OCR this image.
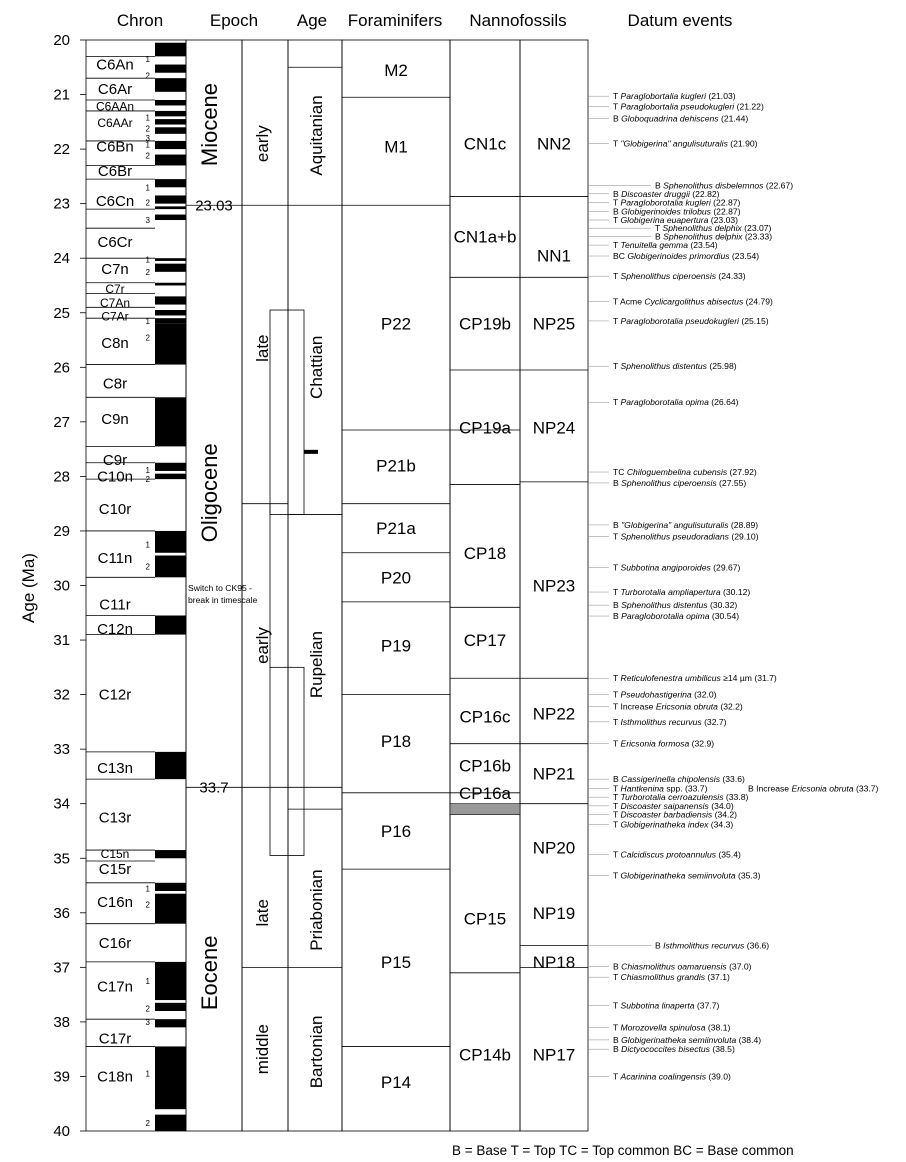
Chron	Epoch Age Foraminifers Nannofossils	Datum events
Age (Ma)
20
21
22
23
24
25
26
27
28
29
30
31
32
33
34
35
36
37
38
39
40
C6An
C6Ar
C6AAn
C6AAr
C6Bn
C6Br
C6Cn
C6Cr
C7n
C7r
C7An
C7Ar
C8n
C8r
C9n
C9r
C10n
C10r
C11n
C11r
C12n
C12r
C13n
C13r
C15n
C15r
C16n
C16r
C17n
C17r
C18n
1
2
1
2
3
1
2
1
2
3
1
2
1
2
1
2
1
2
1
2
1
2
3
1
2
23.03
33.7
Miocene
Oligocene
Eocene
early
late
early
late
middle
Aquitanian
Chattian
Rupelian
Priabonian
Bartonian
M2
M1
P22
P21b
P21a
P20
P19
P18
P16
P15
P14
CN1c
CN1a+b
CP19b
CP19a
CP18
CP17
CP16c
CP16b
CP16a
CP15
CP14b
NN2
NN1
NP25
NP24
NP23
NP22
NP21
NP20
NP19
NP18
NP17
T Paraglobortalia kugleri (21.03)
T Paraglobortalia pseudokugleri (21.22)
B Globoquadrina dehiscens (21.44)
T "Globigerina" angulisuturalis (21.90)
B Sphenolithus disbelemnos (22.67)
B Discoaster druggii (22.82)
T Paragloborotalia kugleri (22.87)
B Globigerinoides trilobus (22.87)
T Globigerina euapertura (23.03)
T Sphenolithus delphix (23.07)
B Sphenolithus delphix (23.33)
T Tenuitella gemma (23.54)
BC Globigerinoides primordius (23.54)
T Sphenolithus ciperoensis (24.33)
T Acme Cyclicargolithus abisectus (24.79)
T Paragloborotalia pseudokugleri (25.15)
T Sphenolithus distentus (25.98)
T Paragloborotalia opima (26.64)
TC Chiloguembelina cubensis (27.92)
B Sphenolithus ciperoensis (27.55)
B "Globigerina" angulisuturalis (28.89)
T Sphenolithus pseudoradians (29.10)
T Subbotina angiporoides (29.67)
T Turborotalia ampliapertura (30.12)
B Sphenolithus distentus (30.32)
B Paragloborotalia opima (30.54)
T Reticulofenestra umbilicus ≥14 µm (31.7)
T Pseudohastigerina (32.0)
T Increase Ericsonia obruta (32.2)
T Isthmolithus recurvus (32.7)
T Ericsonia formosa (32.9)
B Cassigerinella chipolensis (33.6)
T Hantkenina spp. (33.7)
T Turborotalia cerroazulensis (33.8)
T Discoaster saipanensis (34.0)
T Discoaster barbadiensis (34.2)
T Globigerinatheka index (34.3)
T Calcidiscus protoannulus (35.4)
T Globigerinatheka semiinvoluta (35.3)
B Isthmolithus recurvus (36.6)
B Chiasmolithus oamaruensis (37.0)
T Chiasmolithus grandis (37.1)
T Subbotina linaperta (37.7)
T Morozovella spinulosa (38.1)
B Globigerinatheka semiinvoluta (38.4)
B Dictyococcites bisectus (38.5)
T Acarinina coalingensis (39.0)
B Increase Ericsonia obruta (33.7)
Switch to CK95 -
break in timescale
B = Base T = Top TC = Top common BC = Base common
